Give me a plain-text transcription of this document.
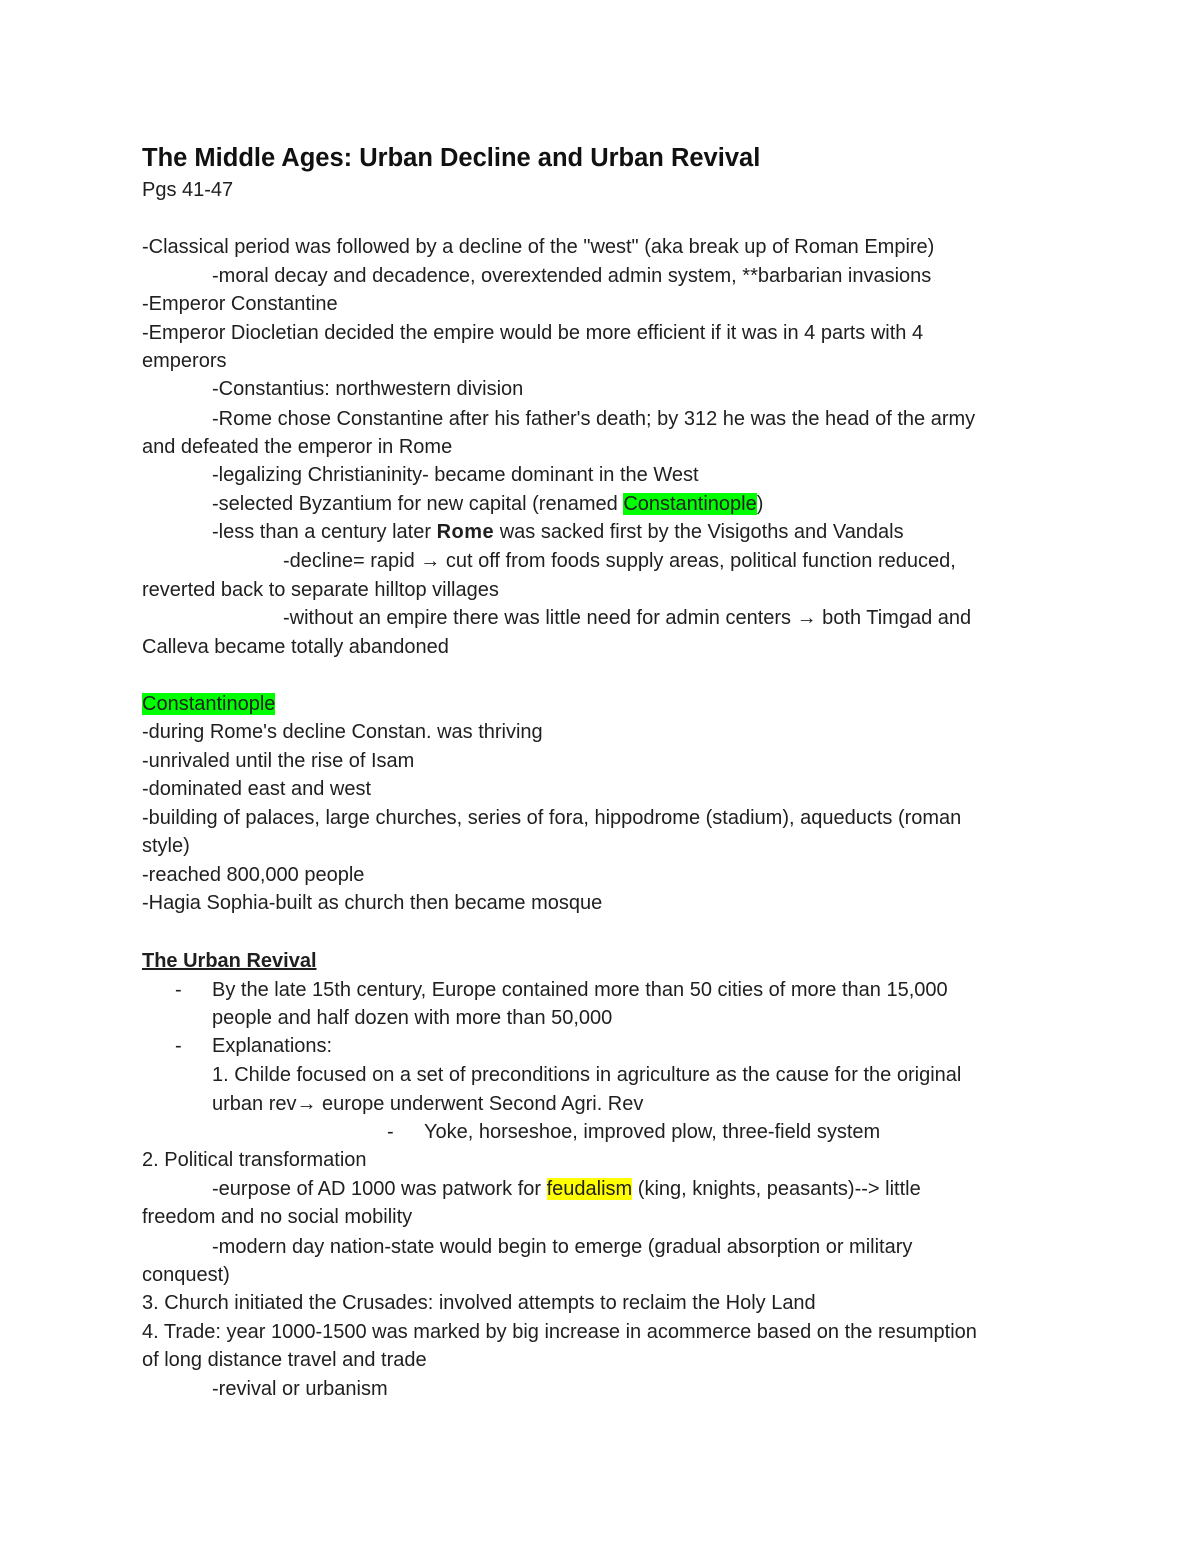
The Middle Ages: Urban Decline and Urban Revival

Pgs 41-47

-Classical period was followed by a decline of the "west" (aka break up of Roman Empire)

-moral decay and decadence, overextended admin system, **barbarian invasions

-Emperor Constantine

-Emperor Diocletian decided the empire would be more efficient if it was in 4 parts with 4

emperors

-Constantius: northwestern division

-Rome chose Constantine after his father's death; by 312 he was the head of the army

and defeated the emperor in Rome

-legalizing Christianinity- became dominant in the West

-selected Byzantium for new capital (renamed Constantinople)

-less than a century later Rome was sacked first by the Visigoths and Vandals

-decline= rapid → cut off from foods supply areas, political function reduced,

reverted back to separate hilltop villages

-without an empire there was little need for admin centers → both Timgad and

Calleva became totally abandoned

Constantinople

-during Rome's decline Constan. was thriving

-unrivaled until the rise of Isam

-dominated east and west

-building of palaces, large churches, series of fora, hippodrome (stadium), aqueducts (roman

style)

-reached 800,000 people

-Hagia Sophia-built as church then became mosque

The Urban Revival

- By the late 15th century, Europe contained more than 50 cities of more than 15,000

people and half dozen with more than 50,000

- Explanations:

1. Childe focused on a set of preconditions in agriculture as the cause for the original

urban rev→ europe underwent Second Agri. Rev

- Yoke, horseshoe, improved plow, three-field system

2. Political transformation

-eurpose of AD 1000 was patwork for feudalism (king, knights, peasants)--> little

freedom and no social mobility

-modern day nation-state would begin to emerge (gradual absorption or military

conquest)

3. Church initiated the Crusades: involved attempts to reclaim the Holy Land

4. Trade: year 1000-1500 was marked by big increase in acommerce based on the resumption

of long distance travel and trade

-revival or urbanism
